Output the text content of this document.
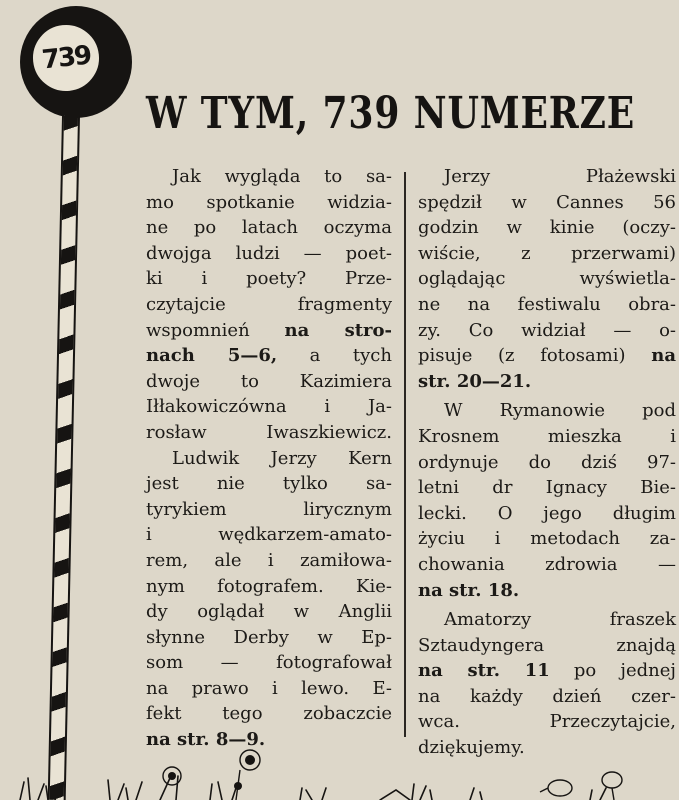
739
W TYM, 739 NUMERZE

Jak wygląda to sa-

mo spotkanie widzia-

ne po latach oczyma

dwojga ludzi — poet-

ki i poety? Prze-

czytajcie fragmenty

wspomnień na stro-

nach 5—6, a tych

dwoje to Kazimiera

Iłłakowiczówna i Ja-

rosław Iwaszkiewicz.

Ludwik Jerzy Kern

jest nie tylko sa-

tyrykiem lirycznym

i wędkarzem-amato-

rem, ale i zamiłowa-

nym fotografem. Kie-

dy oglądał w Anglii

słynne Derby w Ep-

som — fotografował

na prawo i lewo. E-

fekt tego zobaczcie

na str. 8—9.

Jerzy Płażewski

spędził w Cannes 56

godzin w kinie (oczy-

wiście, z przerwami)

oglądając wyświetla-

ne na festiwalu obra-

zy. Co widział — o-

pisuje (z fotosami) na

str. 20—21.

W Rymanowie pod

Krosnem mieszka i

ordynuje do dziś 97-

letni dr Ignacy Bie-

lecki. O jego długim

życiu i metodach za-

chowania zdrowia —

na str. 18.

Amatorzy fraszek

Sztaudyngera znajdą

na str. 11 po jednej

na każdy dzień czer-

wca. Przeczytajcie,

dziękujemy.
